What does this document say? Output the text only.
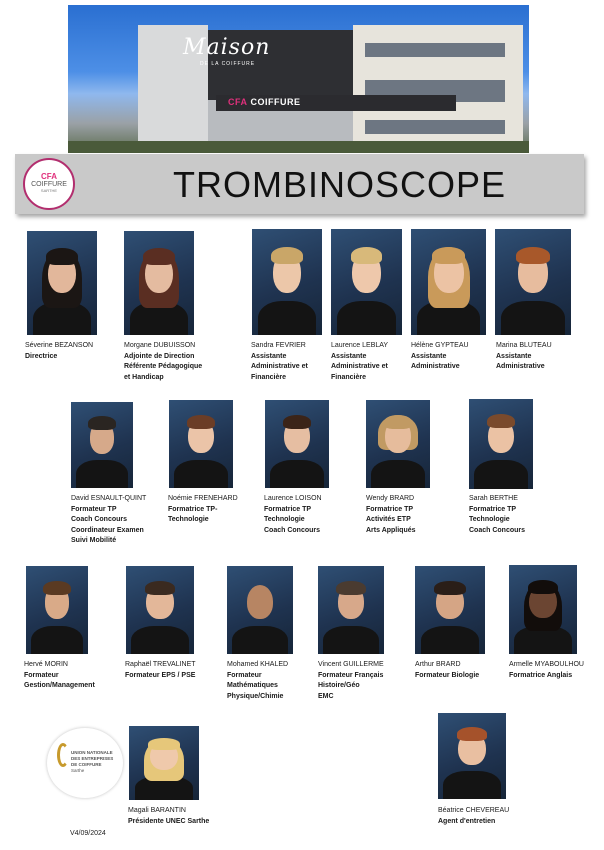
Maison
DE LA COIFFURE
CFA COIFFURE
CFA
COIFFURE
SARTHE	TROMBINOSCOPE
Séverine BEZANSON
Directrice
Morgane DUBUISSON
Adjointe de Direction
Référente Pédagogique
et Handicap
Sandra FEVRIER
Assistante
Administrative et
Financière
Laurence LEBLAY
Assistante
Administrative et
Financière
Hélène GYPTEAU
Assistante
Administrative
Marina BLUTEAU
Assistante
Administrative
David ESNAULT-QUINT
Formateur TP
Coach Concours
Coordinateur Examen
Suivi Mobilité
Noémie FRENEHARD
Formatrice TP-
Technologie
Laurence LOISON
Formatrice TP
Technologie
Coach Concours
Wendy BRARD
Formatrice TP
Activités ETP
Arts Appliqués
Sarah BERTHE
Formatrice TP
Technologie
Coach Concours
Hervé MORIN
Formateur
Gestion/Management
Raphaël TREVALINET
Formateur EPS / PSE
Mohamed KHALED
Formateur
Mathématiques
Physique/Chimie
Vincent GUILLERME
Formateur Français
Histoire/Géo
EMC
Arthur BRARD
Formateur Biologie
Armelle MYABOULHOU
Formatrice Anglais
Magali BARANTIN
Présidente UNEC Sarthe
Béatrice CHEVEREAU
Agent d'entretien
UNION NATIONALE
DES ENTREPRISES
DE COIFFURE
Sarthe
V4/09/2024
